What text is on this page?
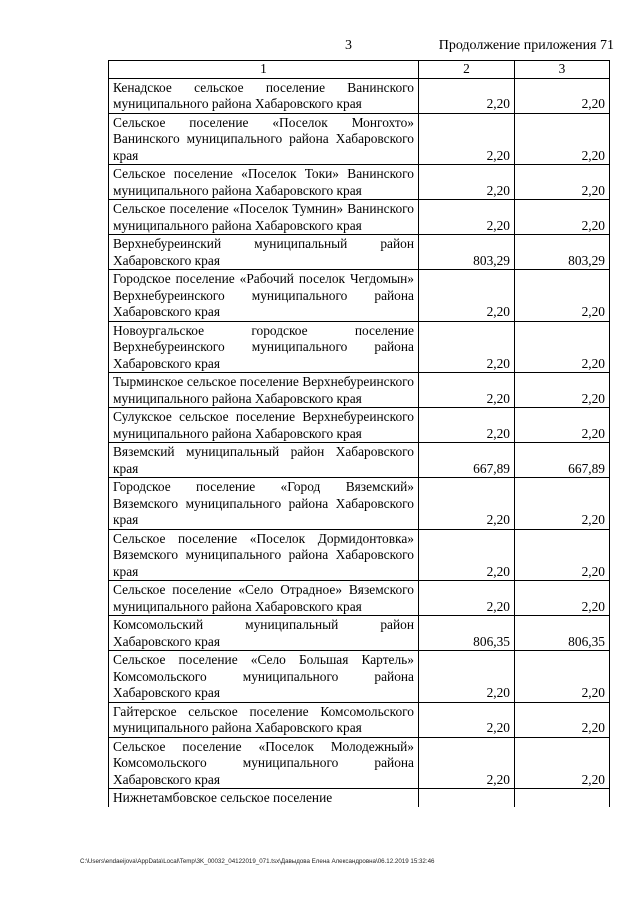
3	Продолжение приложения 71
1	2	3
Кенадское сельское поселение Ванинского муниципального района Хабаровского края	2,20	2,20
Сельское поселение «Поселок Монгохто» Ванинского муниципального района Хабаровского края	2,20	2,20
Сельское поселение «Поселок Токи» Ванинского муниципального района Хабаровского края	2,20	2,20
Сельское поселение «Поселок Тумнин» Ванинского муниципального района Хабаровского края	2,20	2,20
Верхнебуреинский муниципальный район Хабаровского края	803,29	803,29
Городское поселение «Рабочий поселок Чегдомын» Верхнебуреинского муниципального района Хабаровского края	2,20	2,20
Новоургальское городское поселение Верхнебуреинского муниципального района Хабаровского края	2,20	2,20
Тырминское сельское поселение Верхнебуреинского муниципального района Хабаровского края	2,20	2,20
Сулукское сельское поселение Верхнебуреинского муниципального района Хабаровского края	2,20	2,20
Вяземский муниципальный район Хабаровского края	667,89	667,89
Городское поселение «Город Вяземский» Вяземского муниципального района Хабаровского края	2,20	2,20
Сельское поселение «Поселок Дормидонтовка» Вяземского муниципального района Хабаровского края	2,20	2,20
Сельское поселение «Село Отрадное» Вяземского муниципального района Хабаровского края	2,20	2,20
Комсомольский муниципальный район Хабаровского края	806,35	806,35
Сельское поселение «Село Большая Картель» Комсомольского муниципального района Хабаровского края	2,20	2,20
Гайтерское сельское поселение Комсомольского муниципального района Хабаровского края	2,20	2,20
Сельское поселение «Поселок Молодежный» Комсомольского муниципального района Хабаровского края	2,20	2,20
Нижнетамбовское сельское поселение		
C:\Users\endaeijova\AppData\Local\Temp\3K_00032_04122019_071.tsx\Давыдова Елена Александровна\06.12.2019 15:32:46
